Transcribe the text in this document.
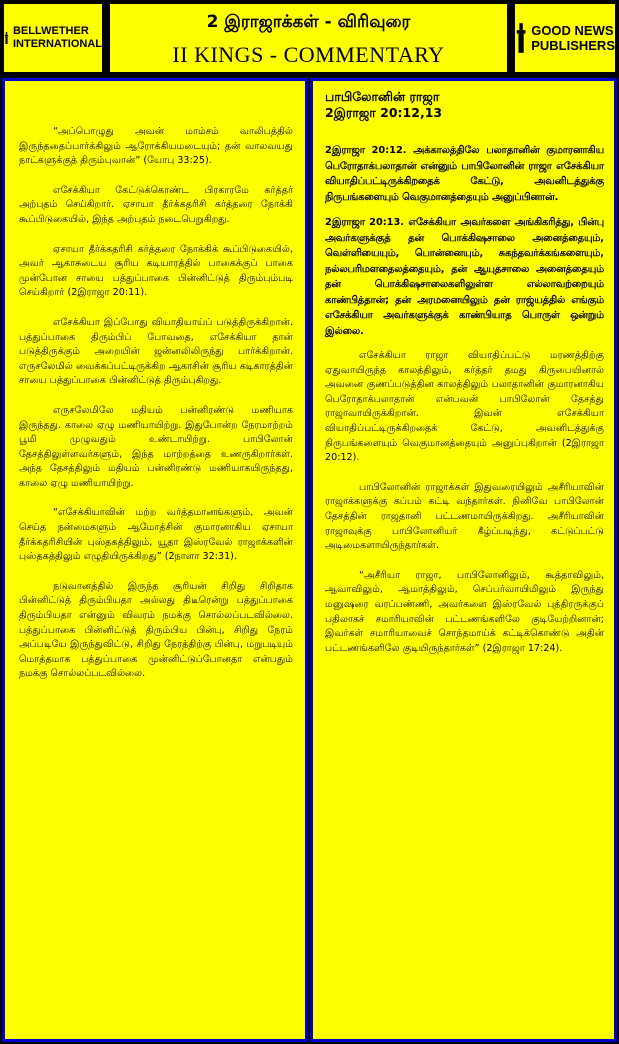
BELLWETHER
INTERNATIONAL
2 இராஜாக்கள் - விரிவுரை
II KINGS - COMMENTARY
GOOD NEWS
PUBLISHERS

“அப்பொழுது அவன் மாம்சம் வாலிபத்தில் இருந்ததைப்பார்க்கிலும் ஆரோக்கியமடையும்; தன் வாலவயது நாட்களுக்குத் திரும்புவான்” (யோபு 33:25).

எசேக்கியா கேட்டுக்கொண்ட பிரகாரமே கர்த்தர் அற்புதம் செய்கிறார். ஏசாயா தீர்க்கதரிசி கர்த்தரை நோக்கி கூப்பிடுகையில், இந்த அற்புதம் நடைபெறுகிறது.

ஏசாயா தீர்க்கதரிசி கர்த்தரை நோக்கிக் கூப்பிடுகையில், அவர் ஆகாசுடைய சூரிய கடியாரத்தில் பாகைக்குப் பாகை முன்போன சாயை பத்துப்பாகை பின்னிட்டுத் திரும்பும்படி செய்கிறார் (2இராஜா 20:11).

எசேக்கியா இப்போது வியாதியாய்ப் படுத்திருக்கிறான். பத்துப்பாகை திரும்பிப் போவதை, எசேக்கியா தான் படுத்திருக்கும் அறையின் ஜன்னலிலிருந்து பார்க்கிறான். எருசலேமில் வைக்கப்பட்டிருக்கிற ஆகாசின் சூரிய கடிகாரத்தின் சாயை பத்துப்பாகை பின்னிட்டுத் திரும்புகிறது.

எருசலேமிலே மதியம் பன்னிரண்டு மணியாக இருந்தது. காலை ஏழு மணியாயிற்று. இதுபோன்ற நேரமாற்றம் பூமி முழுவதும் உண்டாயிற்று. பாபிலோன் தேசத்திலுள்ளவர்களும், இந்த மாற்றத்தை உணருகிறார்கள். அந்த தேசத்திலும் மதியம் பன்னிரண்டு மணியாகயிருந்தது, காலை ஏழு மணியாயிற்று.

“எசேக்கியாவின் மற்ற வர்த்தமானங்களும், அவன் செய்த நன்மைகளும் ஆமோத்சின் குமாரனாகிய ஏசாயா தீர்க்கதரிசியின் புஸ்தகத்திலும், யூதா இஸ்ரவேல் ராஜாக்களின் புஸ்தகத்திலும் எழுதியிருக்கிறது” (2நாளா 32:31).

நடுவானத்தில் இருந்த சூரியன் சிறிது சிறிதாக பின்னிட்டுத் திரும்பியதா அல்லது திடீரென்று பத்துப்பாகை திரும்பியதா என்னும் விவரம் நமக்கு சொல்லப்படவில்லை. பத்துப்பாகை பின்னிட்டுத் திரும்பிய பின்பு, சிறிது நேரம் அப்படியே இருந்துவிட்டு, சிறிது நேரத்திற்கு பின்பு, மறுபடியும் மொத்தமாக பத்துப்பாகை முன்னிட்டுப்போனதா என்பதும் நமக்கு சொல்லப்படவில்லை.

பாபிலோனின் ராஜா
2இராஜா 20:12,13

2இராஜா 20:12. அக்காலத்திலே பலாதானின் குமாரனாகிய பெரோதாக்பலாதான் என்னும் பாபிலோனின் ராஜா எசேக்கியா வியாதிப்பட்டிருக்கிறதைக் கேட்டு, அவனிடத்துக்கு நிருபங்களையும் வெகுமானத்தையும் அனுப்பினான்.

2இராஜா 20:13. எசேக்கியா அவர்களை அங்கிகரித்து, பின்பு அவர்களுக்குத் தன் பொக்கிஷசாலை அனைத்தையும், வெள்ளியையும், பொன்னையும், சுகந்தவர்க்கங்களையும், நல்லபரிமளதைலத்தையும், தன் ஆயுதசாலை அனைத்தையும் தன் பொக்கிஷசாலைகளிலுள்ள எல்லாவற்றையும் காண்பித்தான்; தன் அரமனையிலும் தன் ராஜ்யத்தில் எங்கும் எசேக்கியா அவர்களுக்குக் காண்பியாத பொருள் ஒன்றும் இல்லை.

எசேக்கியா ராஜா வியாதிப்பட்டு மரணத்திற்கு ஏதுவாயிருந்த காலத்திலும், கர்த்தர் தமது கிருபையினால் அவனை குணப்படுத்தின காலத்திலும் பலாதானின் குமாரனாகிய பெரோதாக்பலாதான் என்பவன் பாபிலோன் தேசத்து ராஜாவாயிருக்கிறான். இவன் எசேக்கியா வியாதிப்பட்டிருக்கிறதைக் கேட்டு, அவனிடத்துக்கு நிருபங்களையும் வெகுமானத்தையும் அனுப்புகிறான் (2இராஜா 20:12).

பாபிலோனின் ராஜாக்கள் இதுவரையிலும் அசீரியாவின் ராஜாக்களுக்கு கப்பம் கட்டி வந்தார்கள். நினிவே பாபிலோன் தேசத்தின் ராஜதானி பட்டணமாயிருக்கிறது. அசீரியாவின் ராஜாவுக்கு பாபிலோனியர் கீழ்ப்படிந்து, கட்டுப்பட்டு அடிமைகளாயிருந்தார்கள்.

“அசீரியா ராஜா, பாபிலோனிலும், கூத்தாவிலும், ஆவாவிலும், ஆமாத்திலும், செப்பர்வாயிமிலும் இருந்து மனுஷரை வரப்பண்ணி, அவர்களை இஸ்ரவேல் புத்திரருக்குப் பதிலாகச் சமாரியாவின் பட்டணங்களிலே குடியேற்றினான்; இவர்கள் சமாரியாவைச் சொந்தமாய்க் கட்டிக்கொண்டு அதின் பட்டணங்களிலே குடியிருந்தார்கள்” (2இராஜா 17:24).
